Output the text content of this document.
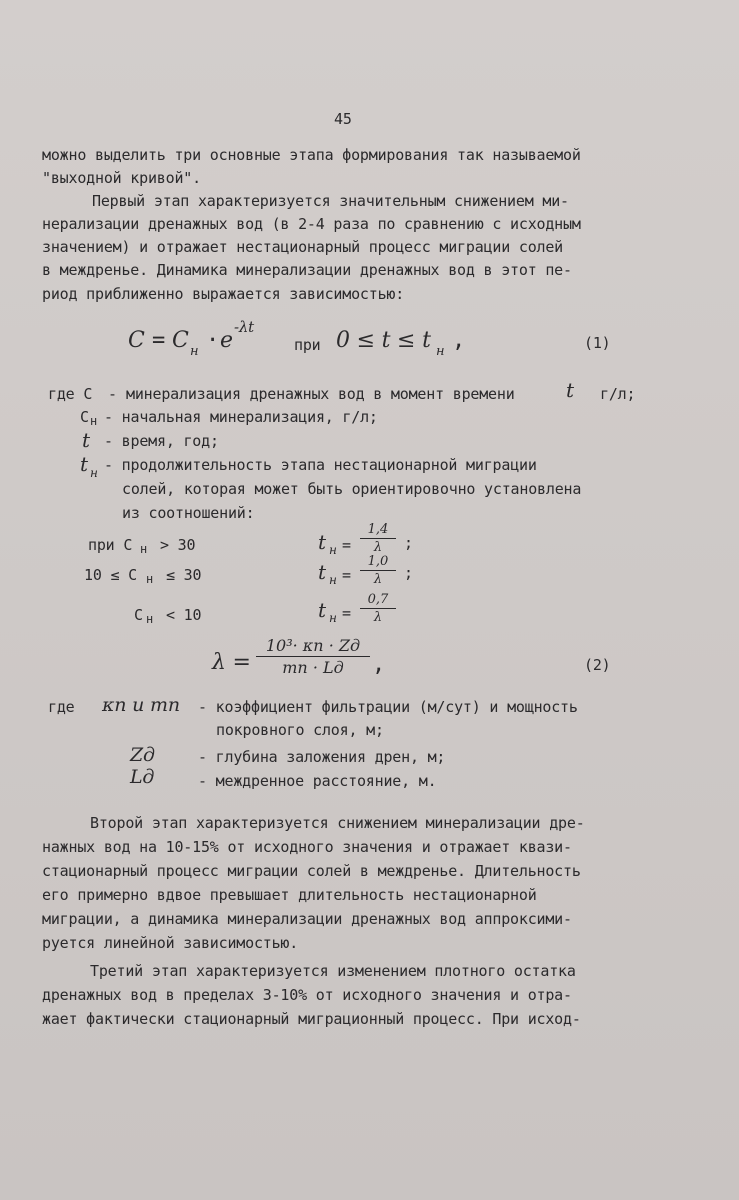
45
можно выделить три основные этапа формирования так называемой
"выходной кривой".
Первый этап характеризуется значительным снижением ми-
нерализации дренажных вод (в 2-4 раза по сравнению с исходным
значением) и отражает нестационарный процесс миграции солей
в междренье. Динамика минерализации дренажных вод в этот пе-
риод приближенно выражается зависимостью:
C = C н · e
-λt
при 0 ≤ t ≤ t н ,	(1)
где С - минерализация дренажных вод в момент времени	t г/л;
С н - начальная минерализация, г/л;
t - время, год;
t н - продолжительность этапа нестационарной миграции
солей, которая может быть ориентировочно установлена
из соотношений:
при С н > 30	t $н = \frac{1,4}{\lambda}$ ;
10 ≤ С н ≤ 30	t $н = \frac{1,0}{\lambda}$ ;
С н < 10	t $н = \frac{0,7}{\lambda}$
λ =
10³· κп · Zд
mп · Lд	,	(2)
где κп и mп - коэффициент фильтрации (м/сут) и мощность
покровного слоя, м;
Zд	- глубина заложения дрен, м;
Lд	- междренное расстояние, м.
Второй этап характеризуется снижением минерализации дре-
нажных вод на 10-15% от исходного значения и отражает квази-
стационарный процесс миграции солей в междренье. Длительность
его примерно вдвое превышает длительность нестационарной
миграции, а динамика минерализации дренажных вод аппроксими-
руется линейной зависимостью.
Третий этап характеризуется изменением плотного остатка
дренажных вод в пределах 3-10% от исходного значения и отра-
жает фактически стационарный миграционный процесс. При исход-
